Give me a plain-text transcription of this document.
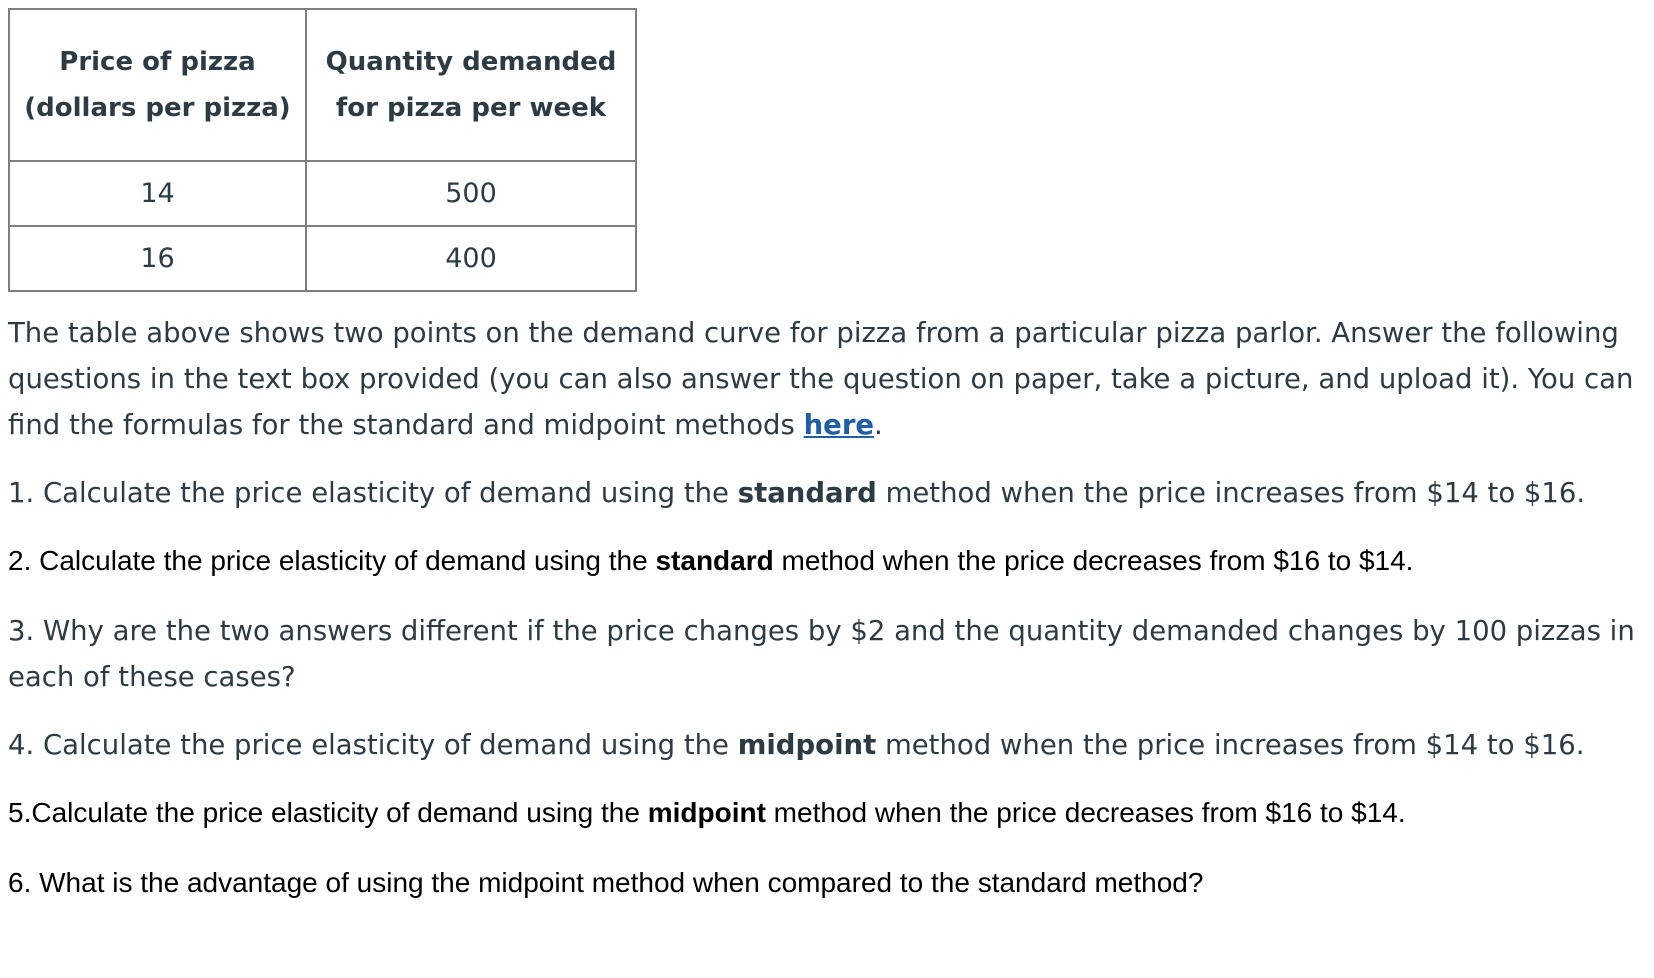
Price of pizza (dollars per pizza)	Quantity demanded for pizza per week
14	500
16	400

The table above shows two points on the demand curve for pizza from a particular pizza parlor. Answer the following questions in the text box provided (you can also answer the question on paper, take a picture, and upload it). You can find the formulas for the standard and midpoint methods here.

1. Calculate the price elasticity of demand using the standard method when the price increases from $14 to $16.

2. Calculate the price elasticity of demand using the standard method when the price decreases from $16 to $14.

3. Why are the two answers different if the price changes by $2 and the quantity demanded changes by 100 pizzas in each of these cases?

4. Calculate the price elasticity of demand using the midpoint method when the price increases from $14 to $16.

5.Calculate the price elasticity of demand using the midpoint method when the price decreases from $16 to $14.

6. What is the advantage of using the midpoint method when compared to the standard method?
